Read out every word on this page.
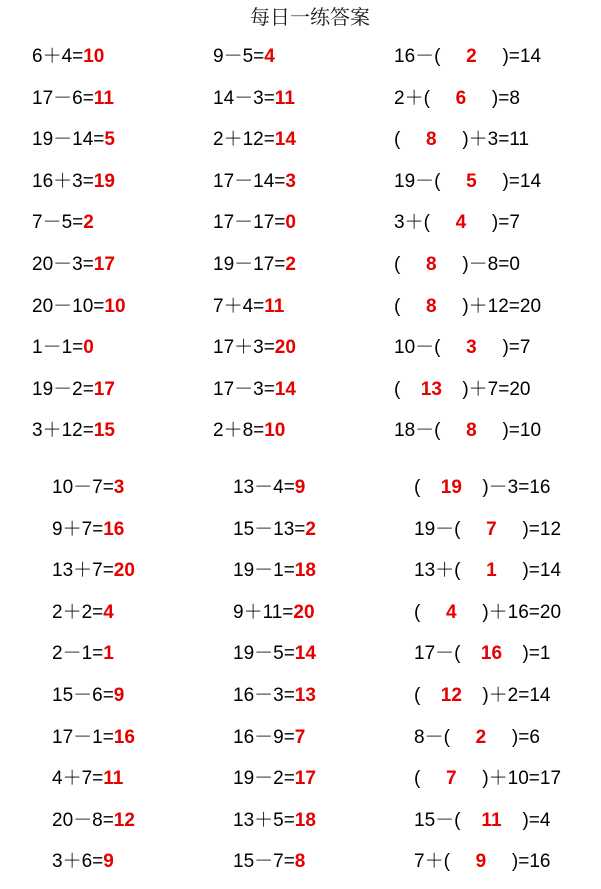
每日一练答案
6＋4=10	9－5=4	16－( 2 )=14
17－6=11	14－3=11	2＋( 6 )=8
19－14=5	2＋12=14	( 8 )＋3=11
16＋3=19	17－14=3	19－( 5 )=14
7－5=2	17－17=0	3＋( 4 )=7
20－3=17	19－17=2	( 8 )－8=0
20－10=10	7＋4=11	( 8 )＋12=20
1－1=0	17＋3=20	10－( 3 )=7
19－2=17	17－3=14	( 13 )＋7=20
3＋12=15	2＋8=10	18－( 8 )=10
10－7=3	13－4=9	( 19 )－3=16
9＋7=16	15－13=2	19－( 7 )=12
13＋7=20	19－1=18	13＋( 1 )=14
2＋2=4	9＋11=20	( 4 )＋16=20
2－1=1	19－5=14	17－( 16 )=1
15－6=9	16－3=13	( 12 )＋2=14
17－1=16	16－9=7	8－( 2 )=6
4＋7=11	19－2=17	( 7 )＋10=17
20－8=12	13＋5=18	15－( 11 )=4
3＋6=9	15－7=8	7＋( 9 )=16
